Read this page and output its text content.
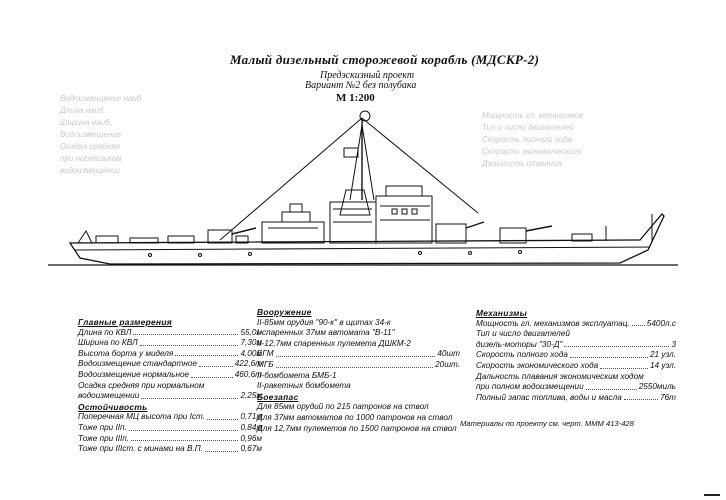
Водоизмещение наиб.
Длина наиб.
Ширина наиб.
Водоизмещение
Осадка средняя
при нормальном
водоизмещении
Мощность гл. механизмов
Тип и число двигателей
Скорость полного хода
Скорость экономического
Дальность плавания
Малый дизельный сторожевой корабль (МДСКР-2)
Предэскизный проект
Вариант №2 без полубака
М 1:200
Главные размерения
Длина по КВЛ	55,0м
Ширина по КВЛ	7,30м
Высота борта у миделя	4,00м
Водоизмещение стандартное	422,6т
Водоизмещение нормальное	460,6т
Осадка средняя при нормальном
водоизмещении	2,25м
Остойчивость
Поперечная МЦ высота при Iст.	0,71м
Тоже при IIп.	0,84м
Тоже при IIIп.	0,96м
Тоже при IIIст. с минами на В.П.	0,67м
Вооружение
II-85мм орудия "90-к" в щитах 34-к
I-спаренных 37мм автомата "В-11"
II-12,7мм спаренных пулемета ДШКМ-2
БГМ	40шт
МГБ	20шт.
II-бомбомета БМБ-1
II-ракетных бомбомета
Боезапас
Для 85мм орудий по 215 патронов на ствол
Для 37мм автоматов по 1000 патронов на ствол
Для 12,7мм пулеметов по 1500 патронов на ствол
Механизмы
Мощность гл. механизмов эксплуатац. 5400л.с
Тип и число двигателей
дизель-моторы "30-Д"	3
Скорость полного хода	21 узл.
Скорость экономического хода	14 узл.
Дальность плавания экономическим ходом
при полном водоизмещении	2550миль
Полный запас топлива, воды и масла	76т
Материалы по проекту см. черт. МММ 413-428
